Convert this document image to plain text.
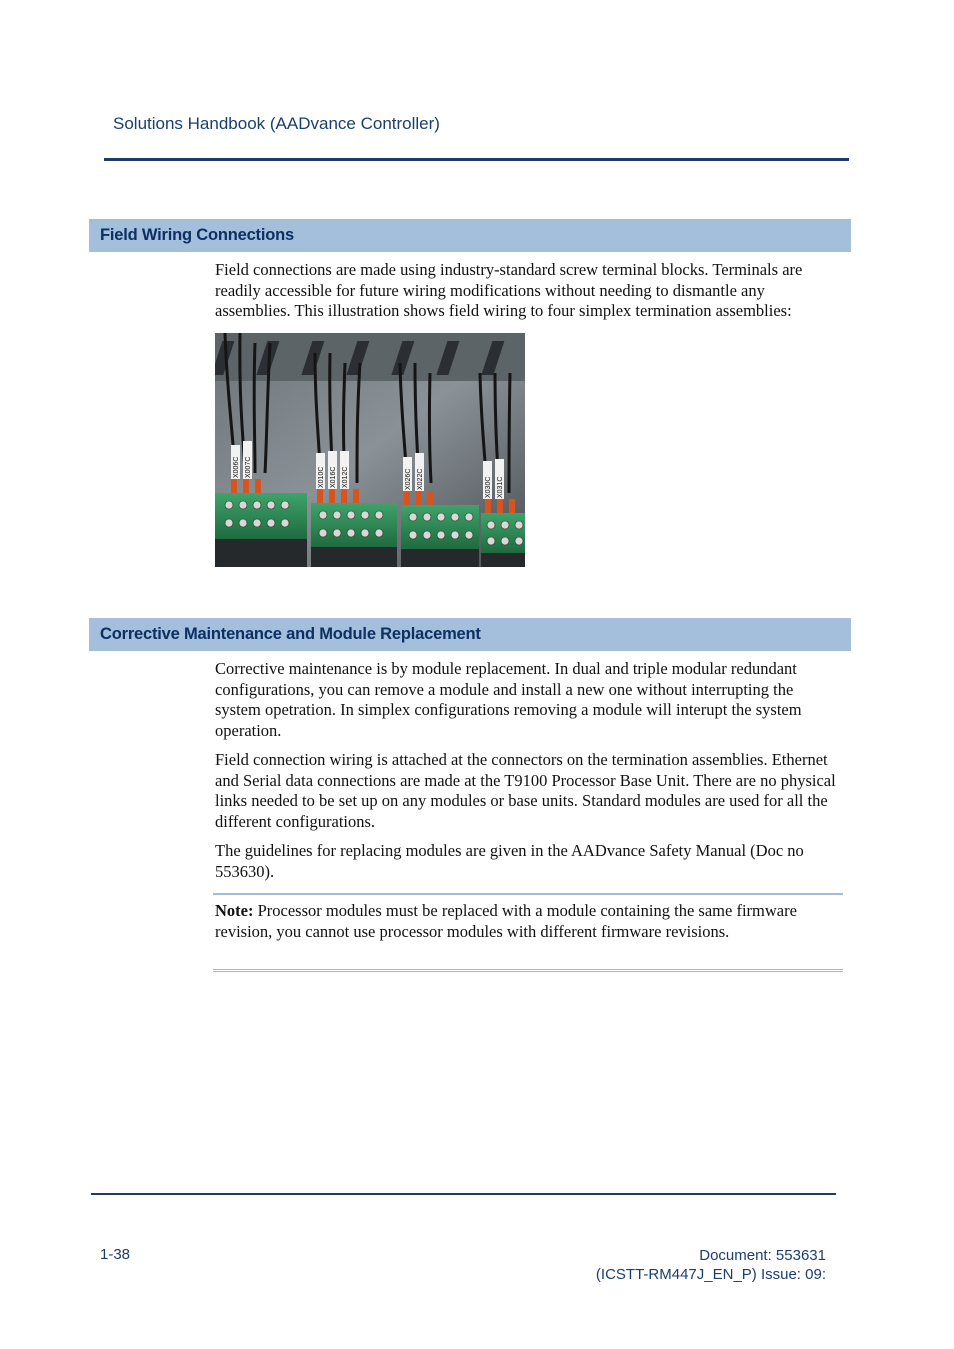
Solutions Handbook (AADvance Controller)
Field Wiring Connections

Field connections are made using industry-standard screw terminal blocks. Terminals are readily accessible for future wiring modifications without needing to dismantle any assemblies. This illustration shows field wiring to four simplex termination assemblies:

X006C X007C	X010C X016C X012C	X026C X022C	X030C X031C
Corrective Maintenance and Module Replacement

Corrective maintenance is by module replacement. In dual and triple modular redundant configurations, you can remove a module and install a new one without interrupting the system opetration. In simplex configurations removing a module will interupt the system operation.

Field connection wiring is attached at the connectors on the termination assemblies. Ethernet and Serial data connections are made at the T9100 Processor Base Unit. There are no physical links needed to be set up on any modules or base units. Standard modules are used for all the different configurations.

The guidelines for replacing modules are given in the AADvance Safety Manual (Doc no 553630).

Note: Processor modules must be replaced with a module containing the same firmware revision, you cannot use processor modules with different firmware revisions.

1-38	Document: 553631
(ICSTT-RM447J_EN_P) Issue: 09:
